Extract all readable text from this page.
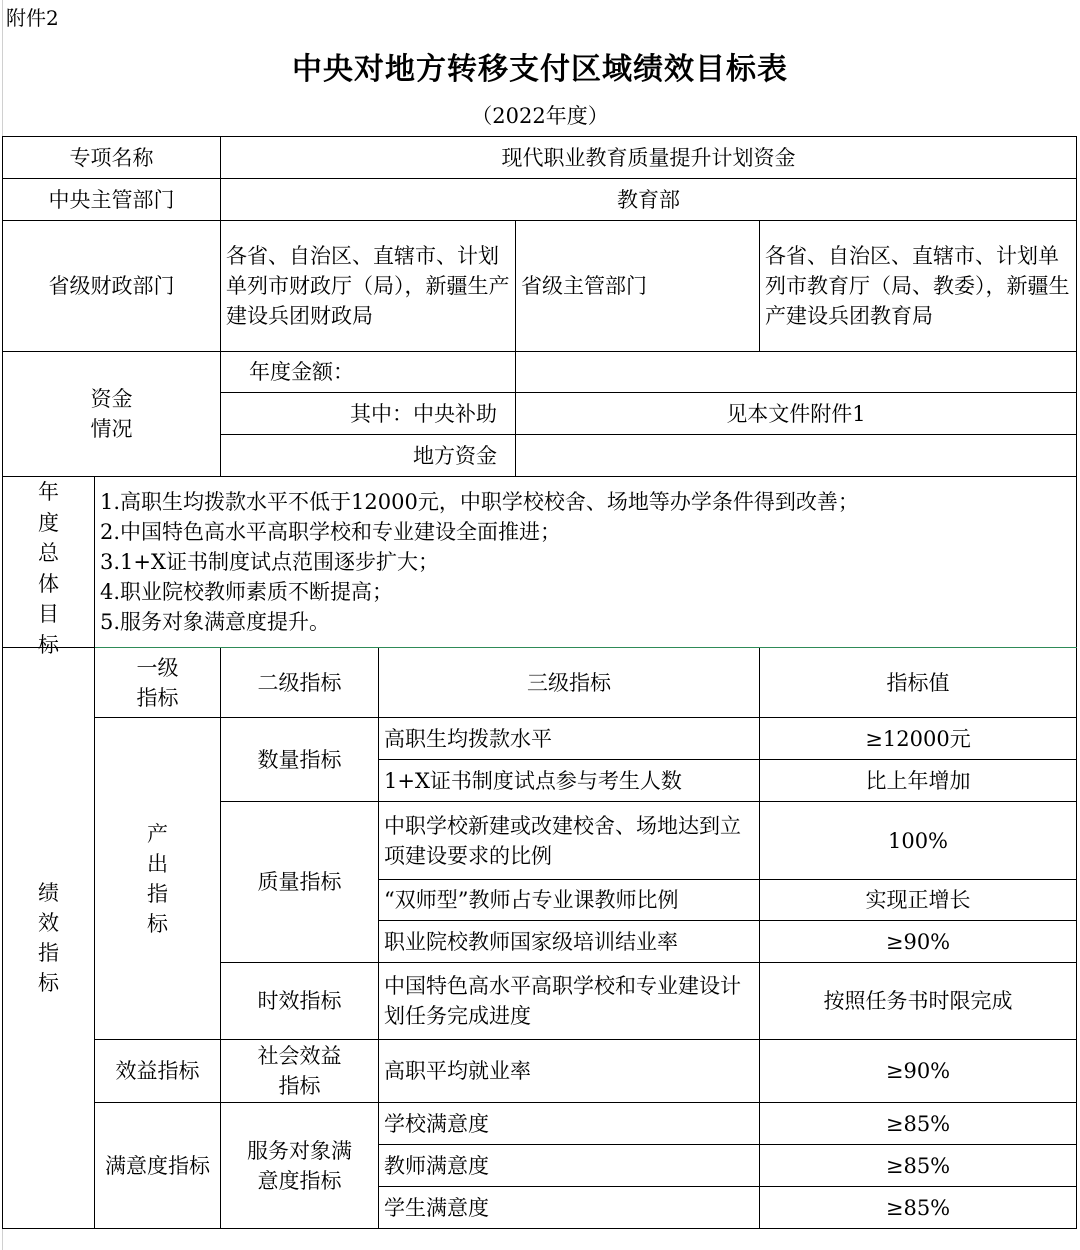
附件2
中央对地方转移支付区域绩效目标表
（2022年度）
专项名称		现代职业教育质量提升计划资金			
中央主管部门		教育部			
省级财政部门		各省、自治区、直辖市、计划单列市财政厅（局），新疆生产建设兵团财政局		省级主管部门	各省、自治区、直辖市、计划单列市教育厅（局、教委），新疆生产建设兵团教育局

资金情况		年度金额：			
		其中：中央补助		见本文件附件1	
		地方资金			

年度总体目标	1.高职生均拨款水平不低于12000元，中职学校校舍、场地等办学条件得到改善；
2.中国特色高水平高职学校和专业建设全面推进；
3.1+X证书制度试点范围逐步扩大；
4.职业院校教师素质不断提高；
5.服务对象满意度提升。				

绩效指标	一级指标	二级指标	三级指标		指标值

	产出指标	数量指标	高职生均拨款水平		≥12000元
			1+X证书制度试点参与考生人数		比上年增加
		质量指标	中职学校新建或改建校舍、场地达到立项建设要求的比例		100%
			“双师型”教师占专业课教师比例		实现正增长
			职业院校教师国家级培训结业率		≥90%
		时效指标	中国特色高水平高职学校和专业建设计划任务完成进度		按照任务书时限完成

	效益指标	社会效益指标	高职平均就业率		≥90%
	满意度指标	服务对象满意度指标	学校满意度		≥85%
			教师满意度		≥85%
			学生满意度		≥85%
